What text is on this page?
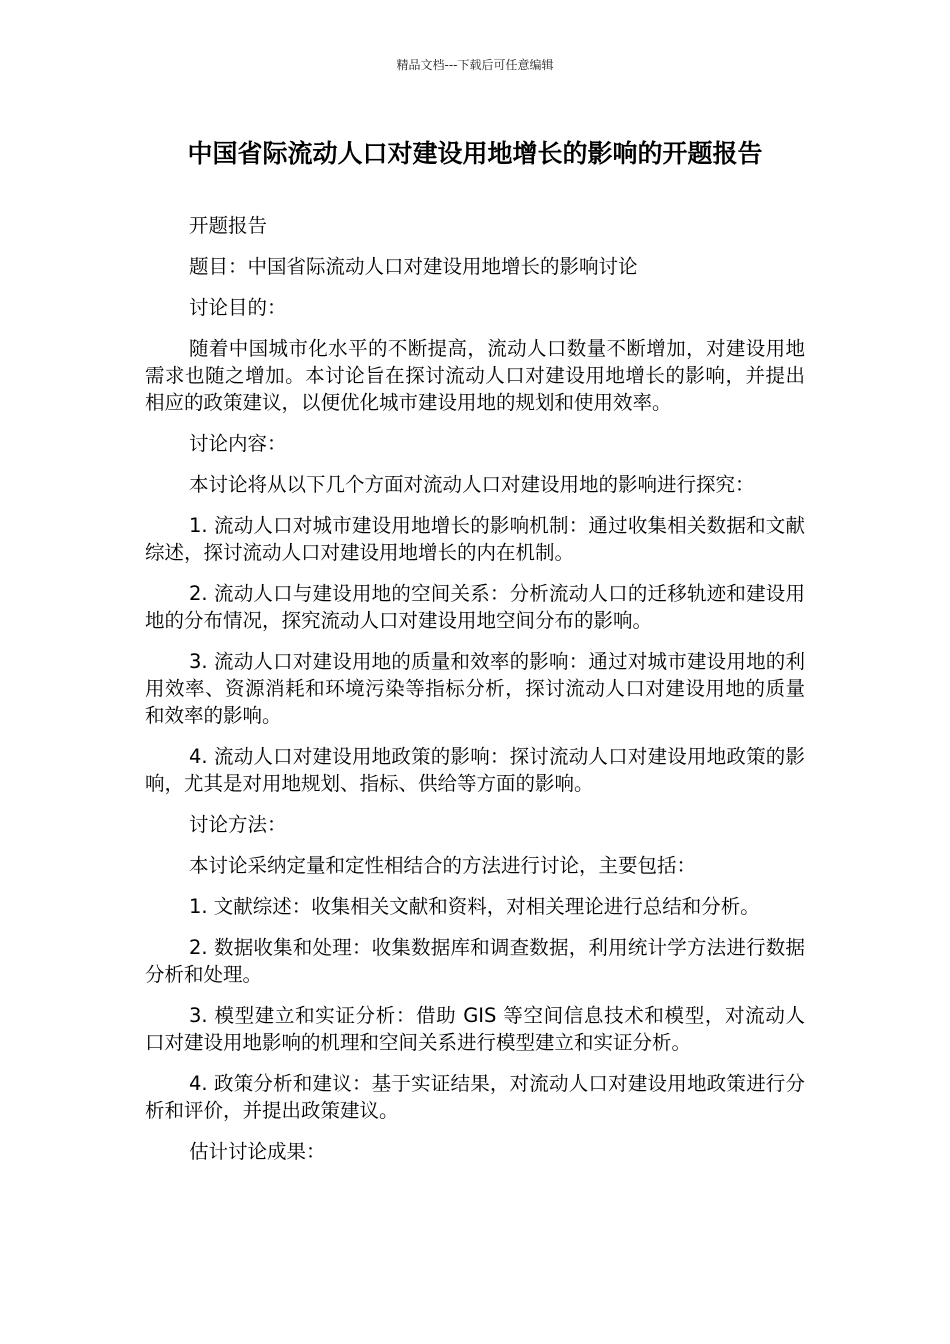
精品文档---下载后可任意编辑
中国省际流动人口对建设用地增长的影响的开题报告

开题报告

题目：中国省际流动人口对建设用地增长的影响讨论

讨论目的：

随着中国城市化水平的不断提高，流动人口数量不断增加，对建设用地需求也随之增加。本讨论旨在探讨流动人口对建设用地增长的影响，并提出相应的政策建议，以便优化城市建设用地的规划和使用效率。

讨论内容：

本讨论将从以下几个方面对流动人口对建设用地的影响进行探究：

1. 流动人口对城市建设用地增长的影响机制：通过收集相关数据和文献综述，探讨流动人口对建设用地增长的内在机制。

2. 流动人口与建设用地的空间关系：分析流动人口的迁移轨迹和建设用地的分布情况，探究流动人口对建设用地空间分布的影响。

3. 流动人口对建设用地的质量和效率的影响：通过对城市建设用地的利用效率、资源消耗和环境污染等指标分析，探讨流动人口对建设用地的质量和效率的影响。

4. 流动人口对建设用地政策的影响：探讨流动人口对建设用地政策的影响，尤其是对用地规划、指标、供给等方面的影响。

讨论方法：

本讨论采纳定量和定性相结合的方法进行讨论，主要包括：

1. 文献综述：收集相关文献和资料，对相关理论进行总结和分析。

2. 数据收集和处理：收集数据库和调查数据，利用统计学方法进行数据分析和处理。

3. 模型建立和实证分析：借助 GIS 等空间信息技术和模型，对流动人口对建设用地影响的机理和空间关系进行模型建立和实证分析。

4. 政策分析和建议：基于实证结果，对流动人口对建设用地政策进行分析和评价，并提出政策建议。

估计讨论成果：
